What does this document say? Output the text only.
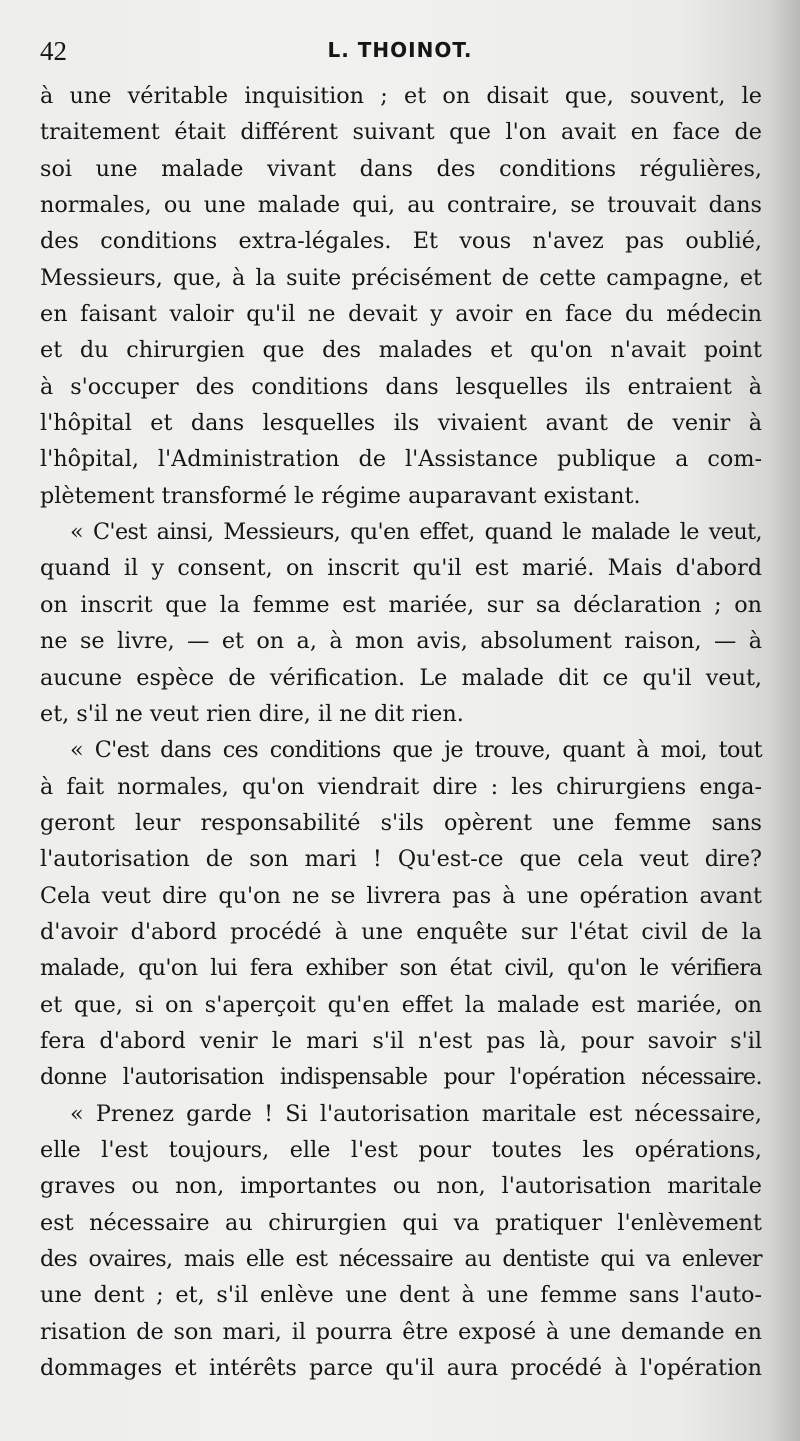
42	L. THOINOT.
à une véritable inquisition ; et on disait que, souvent, le
traitement était différent suivant que l'on avait en face de
soi une malade vivant dans des conditions régulières,
normales, ou une malade qui, au contraire, se trouvait dans
des conditions extra-légales. Et vous n'avez pas oublié,
Messieurs, que, à la suite précisément de cette campagne, et
en faisant valoir qu'il ne devait y avoir en face du médecin
et du chirurgien que des malades et qu'on n'avait point
à s'occuper des conditions dans lesquelles ils entraient à
l'hôpital et dans lesquelles ils vivaient avant de venir à
l'hôpital, l'Administration de l'Assistance publique a com-
plètement transformé le régime auparavant existant.
« C'est ainsi, Messieurs, qu'en effet, quand le malade le veut,
quand il y consent, on inscrit qu'il est marié. Mais d'abord
on inscrit que la femme est mariée, sur sa déclaration ; on
ne se livre, — et on a, à mon avis, absolument raison, — à
aucune espèce de vérification. Le malade dit ce qu'il veut,
et, s'il ne veut rien dire, il ne dit rien.
« C'est dans ces conditions que je trouve, quant à moi, tout
à fait normales, qu'on viendrait dire : les chirurgiens enga-
geront leur responsabilité s'ils opèrent une femme sans
l'autorisation de son mari ! Qu'est-ce que cela veut dire?
Cela veut dire qu'on ne se livrera pas à une opération avant
d'avoir d'abord procédé à une enquête sur l'état civil de la
malade, qu'on lui fera exhiber son état civil, qu'on le vérifiera
et que, si on s'aperçoit qu'en effet la malade est mariée, on
fera d'abord venir le mari s'il n'est pas là, pour savoir s'il
donne l'autorisation indispensable pour l'opération nécessaire.
« Prenez garde ! Si l'autorisation maritale est nécessaire,
elle l'est toujours, elle l'est pour toutes les opérations,
graves ou non, importantes ou non, l'autorisation maritale
est nécessaire au chirurgien qui va pratiquer l'enlèvement
des ovaires, mais elle est nécessaire au dentiste qui va enlever
une dent ; et, s'il enlève une dent à une femme sans l'auto-
risation de son mari, il pourra être exposé à une demande en
dommages et intérêts parce qu'il aura procédé à l'opération
